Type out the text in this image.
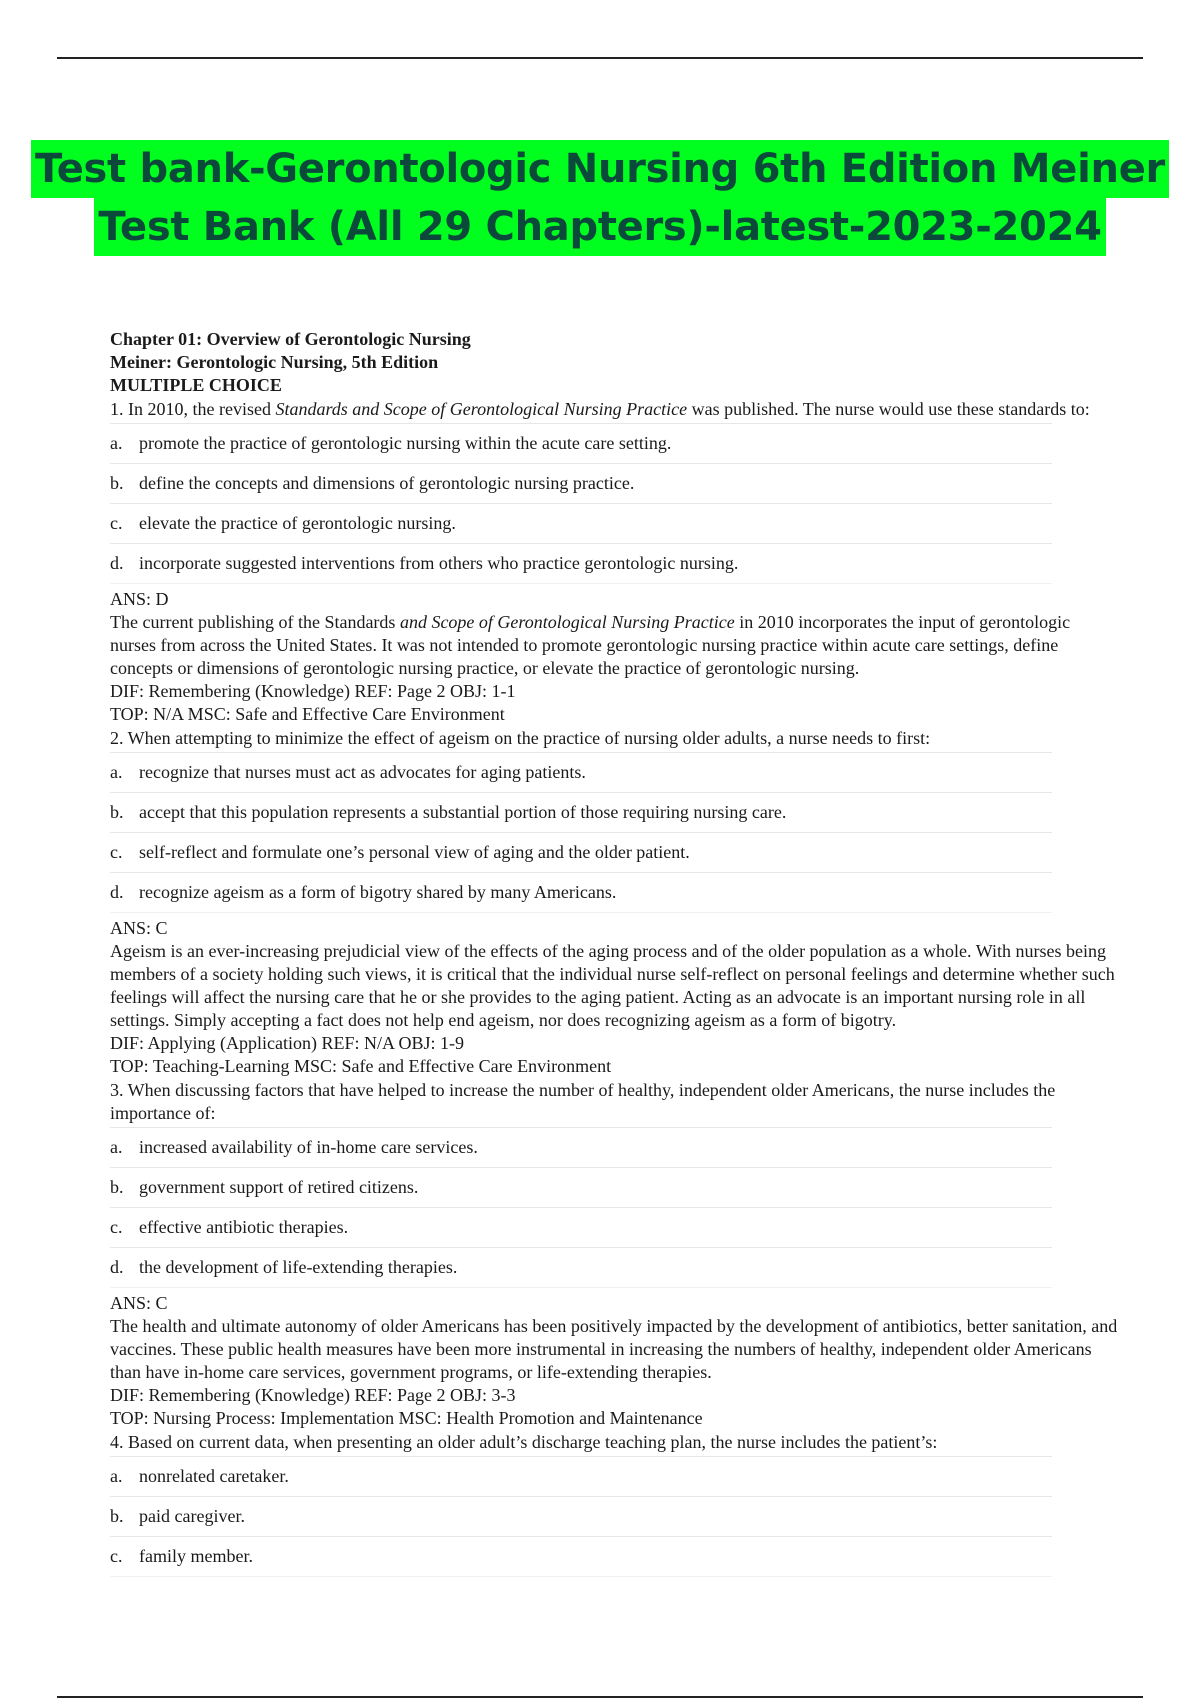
Test bank-Gerontologic Nursing 6th Edition Meiner
Test Bank (All 29 Chapters)-latest-2023-2024

Chapter 01: Overview of Gerontologic Nursing

Meiner: Gerontologic Nursing, 5th Edition

MULTIPLE CHOICE

1. In 2010, the revised Standards and Scope of Gerontological Nursing Practice was published. The nurse would use these standards to:

a. promote the practice of gerontologic nursing within the acute care setting.
b. define the concepts and dimensions of gerontologic nursing practice.
c. elevate the practice of gerontologic nursing.
d. incorporate suggested interventions from others who practice gerontologic nursing.

ANS: D

The current publishing of the Standards and Scope of Gerontological Nursing Practice in 2010 incorporates the input of gerontologic nurses from across the United States. It was not intended to promote gerontologic nursing practice within acute care settings, define concepts or dimensions of gerontologic nursing practice, or elevate the practice of gerontologic nursing.

DIF: Remembering (Knowledge) REF: Page 2 OBJ: 1-1

TOP: N/A MSC: Safe and Effective Care Environment

2. When attempting to minimize the effect of ageism on the practice of nursing older adults, a nurse needs to first:

a. recognize that nurses must act as advocates for aging patients.
b. accept that this population represents a substantial portion of those requiring nursing care.
c. self-reflect and formulate one’s personal view of aging and the older patient.
d. recognize ageism as a form of bigotry shared by many Americans.

ANS: C

Ageism is an ever-increasing prejudicial view of the effects of the aging process and of the older population as a whole. With nurses being members of a society holding such views, it is critical that the individual nurse self-reflect on personal feelings and determine whether such feelings will affect the nursing care that he or she provides to the aging patient. Acting as an advocate is an important nursing role in all settings. Simply accepting a fact does not help end ageism, nor does recognizing ageism as a form of bigotry.

DIF: Applying (Application) REF: N/A OBJ: 1-9

TOP: Teaching-Learning MSC: Safe and Effective Care Environment

3. When discussing factors that have helped to increase the number of healthy, independent older Americans, the nurse includes the importance of:

a. increased availability of in-home care services.
b. government support of retired citizens.
c. effective antibiotic therapies.
d. the development of life-extending therapies.

ANS: C

The health and ultimate autonomy of older Americans has been positively impacted by the development of antibiotics, better sanitation, and vaccines. These public health measures have been more instrumental in increasing the numbers of healthy, independent older Americans than have in-home care services, government programs, or life-extending therapies.

DIF: Remembering (Knowledge) REF: Page 2 OBJ: 3-3

TOP: Nursing Process: Implementation MSC: Health Promotion and Maintenance

4. Based on current data, when presenting an older adult’s discharge teaching plan, the nurse includes the patient’s:

a. nonrelated caretaker.
b. paid caregiver.
c. family member.
